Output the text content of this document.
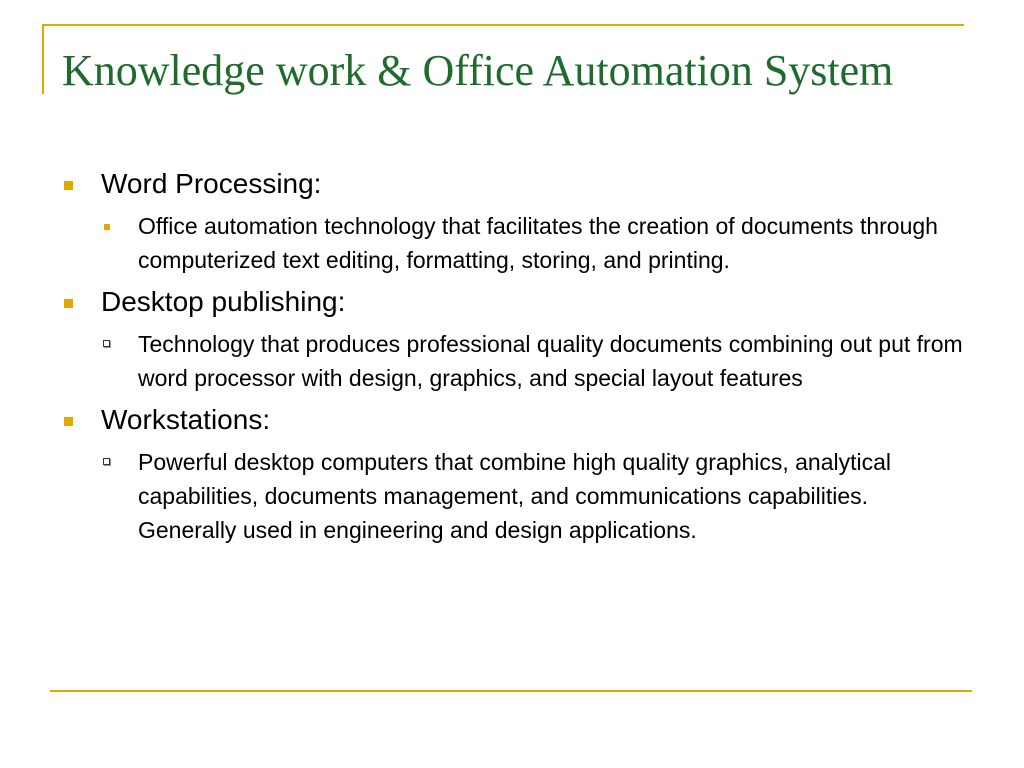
Knowledge work & Office Automation System
Word Processing:
Office automation technology that facilitates the creation of documents through computerized text editing, formatting, storing, and printing.
Desktop publishing:
Technology that produces professional quality documents combining out put from word processor with design, graphics, and special layout features
Workstations:
Powerful desktop computers that combine high quality graphics, analytical capabilities, documents management, and communications capabilities. Generally used in engineering and design applications.
